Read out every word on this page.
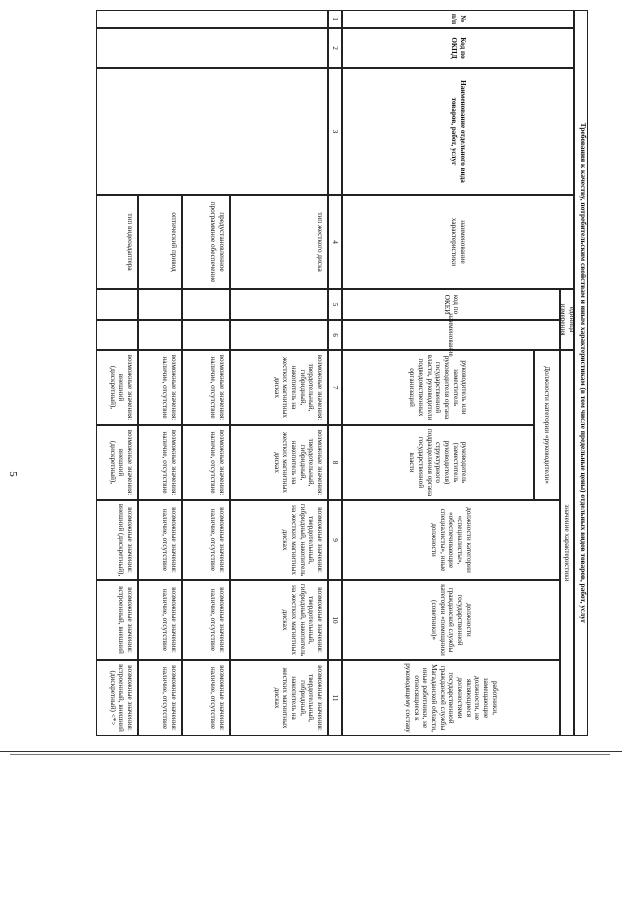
5	Требования к качеству, потребительским свойствам и иным характеристикам (в том числе предельные цены) отдельных видов товаров, работ, услуг
№ п/п
Код по ОКПД
Наименование отдельного вида товаров, работ, услуг
наименование характеристики
единица измерения
код по ОКЕИ
наименование
значение характеристики
Должности категории «руководители»
руководитель или заместитель руководителя органа государственной власти, руководители подведомственных организаций
руководитель (заместитель руководителя) структурного подразделения органа государственной власти
должности категории «специалисты», «обеспечивающие специалисты», иные должности
должности государственной гражданской службы категории «помощники (советники)»
работники, замещающие должности, не являющиеся должностями государственной гражданской службы Магаданской области, иные работники, не относящиеся к руководящему составу
1
2
3
4
5
6
7
8
9
10
11
тип жесткого диска
возможные значения: твердотельный, гибридный, накопитель на жестких магнитных дисках
возможные значения: твердотельный, гибридный, накопитель на жестких магнитных дисках
возможные значения: твердотельный, гибридный, накопитель на жестких магнитных дисках
возможные значения: твердотельный, гибридный, накопитель на жестких магнитных дисках
возможные значения: твердотельный, гибридный, накопитель на жестких магнитных дисках
предустановленное программное обеспечение
возможные значения: наличие, отсутствие
возможные значения: наличие, отсутствие
возможные значения: наличие, отсутствие
возможные значения: наличие, отсутствие
возможные значения: наличие, отсутствие
оптический привод
возможные значения: наличие, отсутствие
возможные значения: наличие, отсутствие
возможные значения: наличие, отсутствие
возможные значения: наличие, отсутствие
возможные значения: наличие, отсутствие
тип видеоадаптера
возможные значения: внешний (дискретный),
возможные значения: внешний (дискретный),
возможные значения: внешний (дискретный),
возможные значения: встроенный, внешний
возможные значения: встроенный, внешний (дискретный) <*>
